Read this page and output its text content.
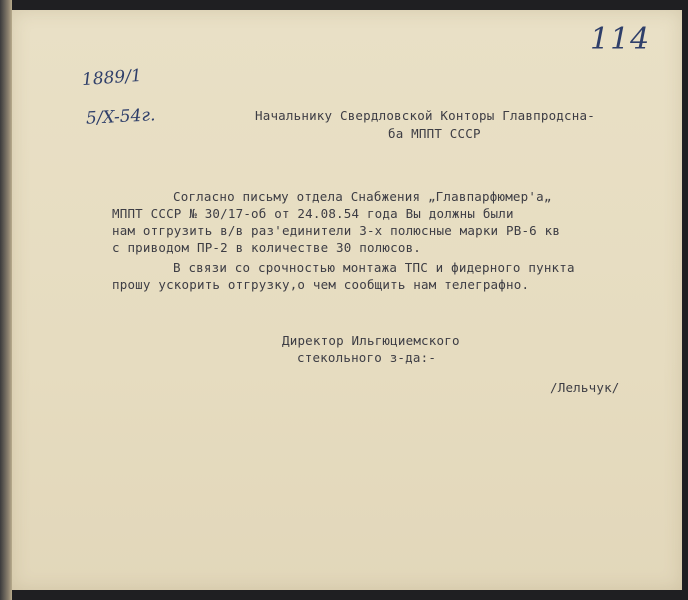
114
1889/1
5/X-54г.	Начальнику Свердловской Конторы Главпродсна-
ба МППТ СССР
Согласно письму отдела Снабжения „Главпарфюмер'а„
МППТ СССР № 30/17-об от 24.08.54 года Вы должны были
нам отгрузить в/в раз'единители 3-х полюсные марки РВ-6 кв
с приводом ПР-2 в количестве 30 полюсов.
В связи со срочностью монтажа ТПС и фидерного пункта
прошу ускорить отгрузку,о чем сообщить нам телеграфно.
Директор Ильгюциемского
стекольного з-да:-
/Лельчук/
